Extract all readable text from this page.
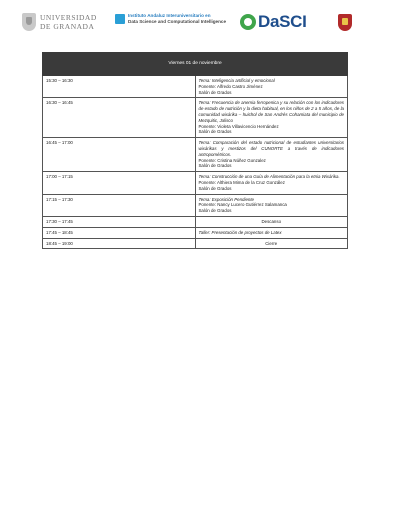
UNIVERSIDAD
DE GRANADA
Instituto Andaluz Interuniversitario en
Data Science and Computational Intelligence DaSCI
Viernes 01 de noviembre	
15:30 – 16:30	Tema: Inteligencia artificial y emocional
Ponente: Alfredo Castro Jiménez
Salón de Grados

16:30 – 16:45	Tema: Frecuencia de anemia ferropenica y su relación con los indicadores de estado de nutrición y la dieta habitual, en los niños de 2 a 5 años, de la comunidad wixárika – huichol de San Andrés Cohamiata del municipio de Mezquitic, Jalisco
Ponente: Violeta Villavicencio Hernández
Salón de Grados

16:45 – 17:00	Tema: Comparación del estado nutricional de estudiantes universitarios wixárikas y mestizos del CUNORTE a través de indicadores antropométricos.
Ponente: Cristina Núñez Gonzalez
Salón de Grados

17:00 – 17:15	Tema: Construcción de una Guía de Alimentación para la etnia Wixárika.
Ponente: Althiera Mima de la Cruz González
Salón de Grados

17:15 – 17:30	Tema: Exposición Pendiente
Ponente: Nancy Lucero Gutiérrez Salamanca
Salón de Grados

17:30 – 17:45	Descanso
17:45 – 18:45	Taller: Presentación de proyectos de Latex
18:45 – 19:00	Cierre
